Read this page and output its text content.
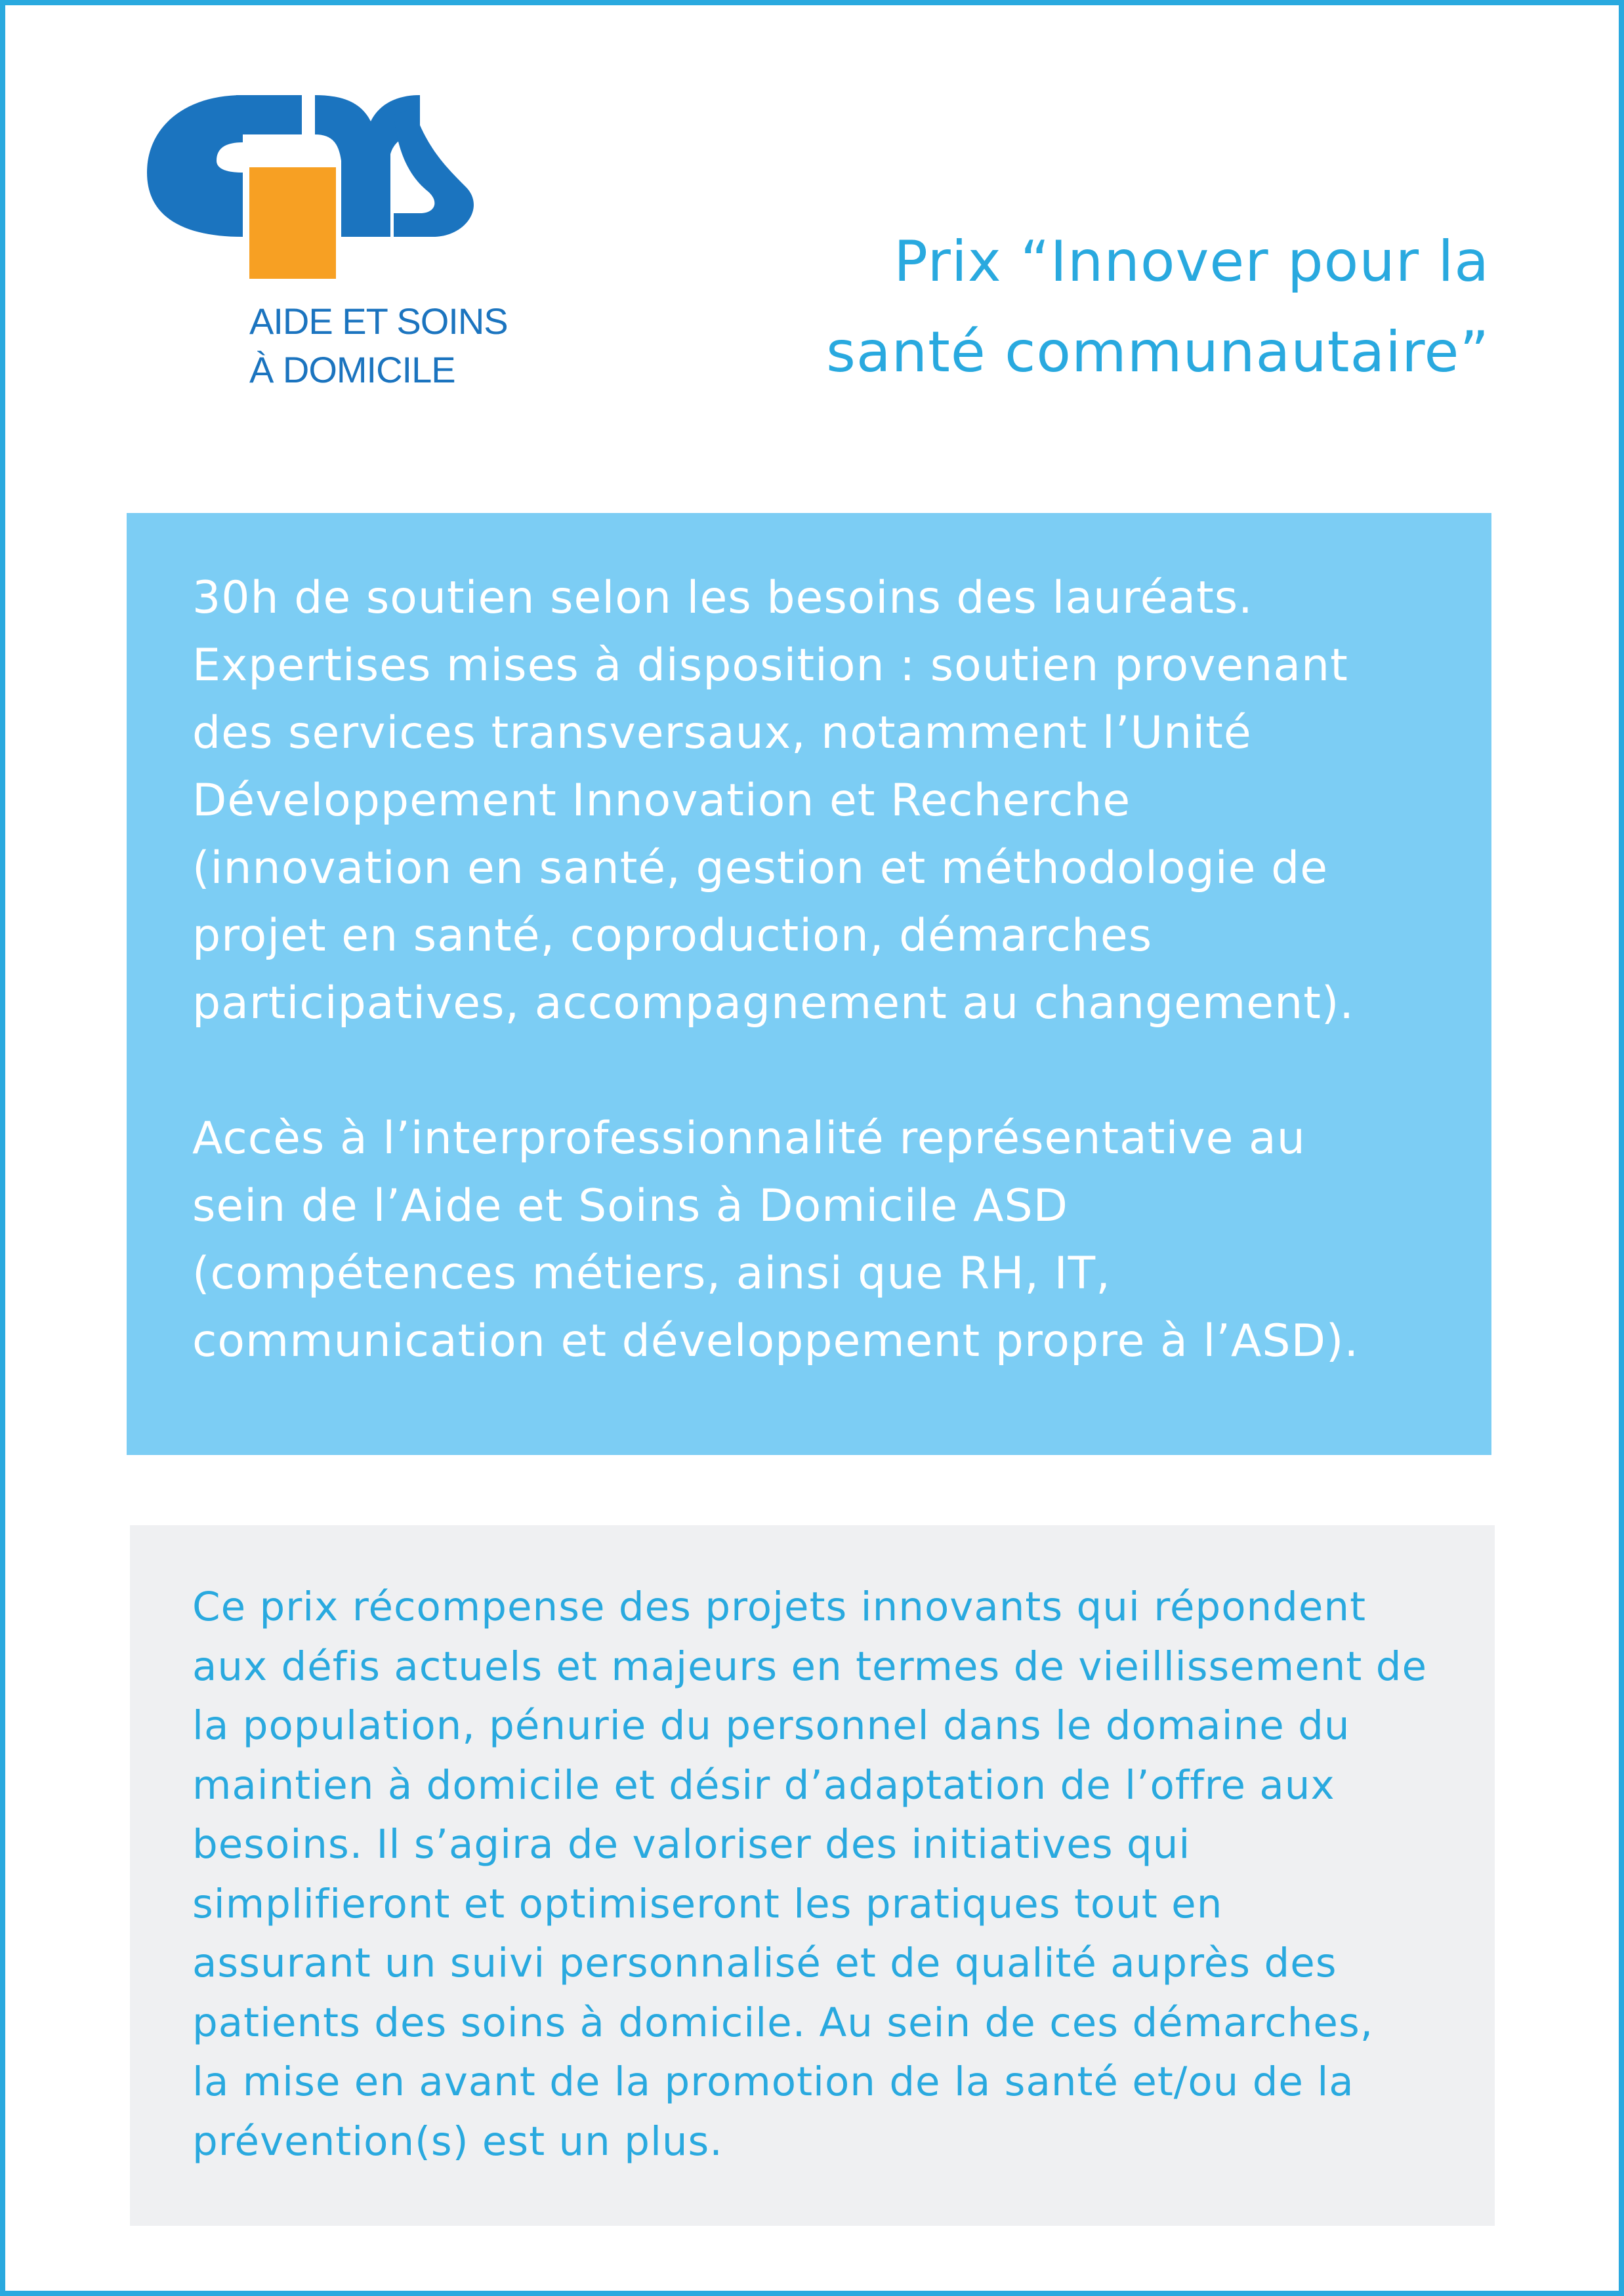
AIDE ET SOINS
À DOMICILE
Prix “Innover pour la
santé communautaire”

30h de soutien selon les besoins des lauréats.
Expertises mises à disposition : soutien provenant
des services transversaux, notamment l’Unité
Développement Innovation et Recherche
(innovation en santé, gestion et méthodologie de
projet en santé, coproduction, démarches
participatives, accompagnement au changement).

Accès à l’interprofessionnalité représentative au
sein de l’Aide et Soins à Domicile ASD
(compétences métiers, ainsi que RH, IT,
communication et développement propre à l’ASD).

Ce prix récompense des projets innovants qui répondent
aux défis actuels et majeurs en termes de vieillissement de
la population, pénurie du personnel dans le domaine du
maintien à domicile et désir d’adaptation de l’offre aux
besoins. Il s’agira de valoriser des initiatives qui
simplifieront et optimiseront les pratiques tout en
assurant un suivi personnalisé et de qualité auprès des
patients des soins à domicile. Au sein de ces démarches,
la mise en avant de la promotion de la santé et/ou de la
prévention(s) est un plus.
